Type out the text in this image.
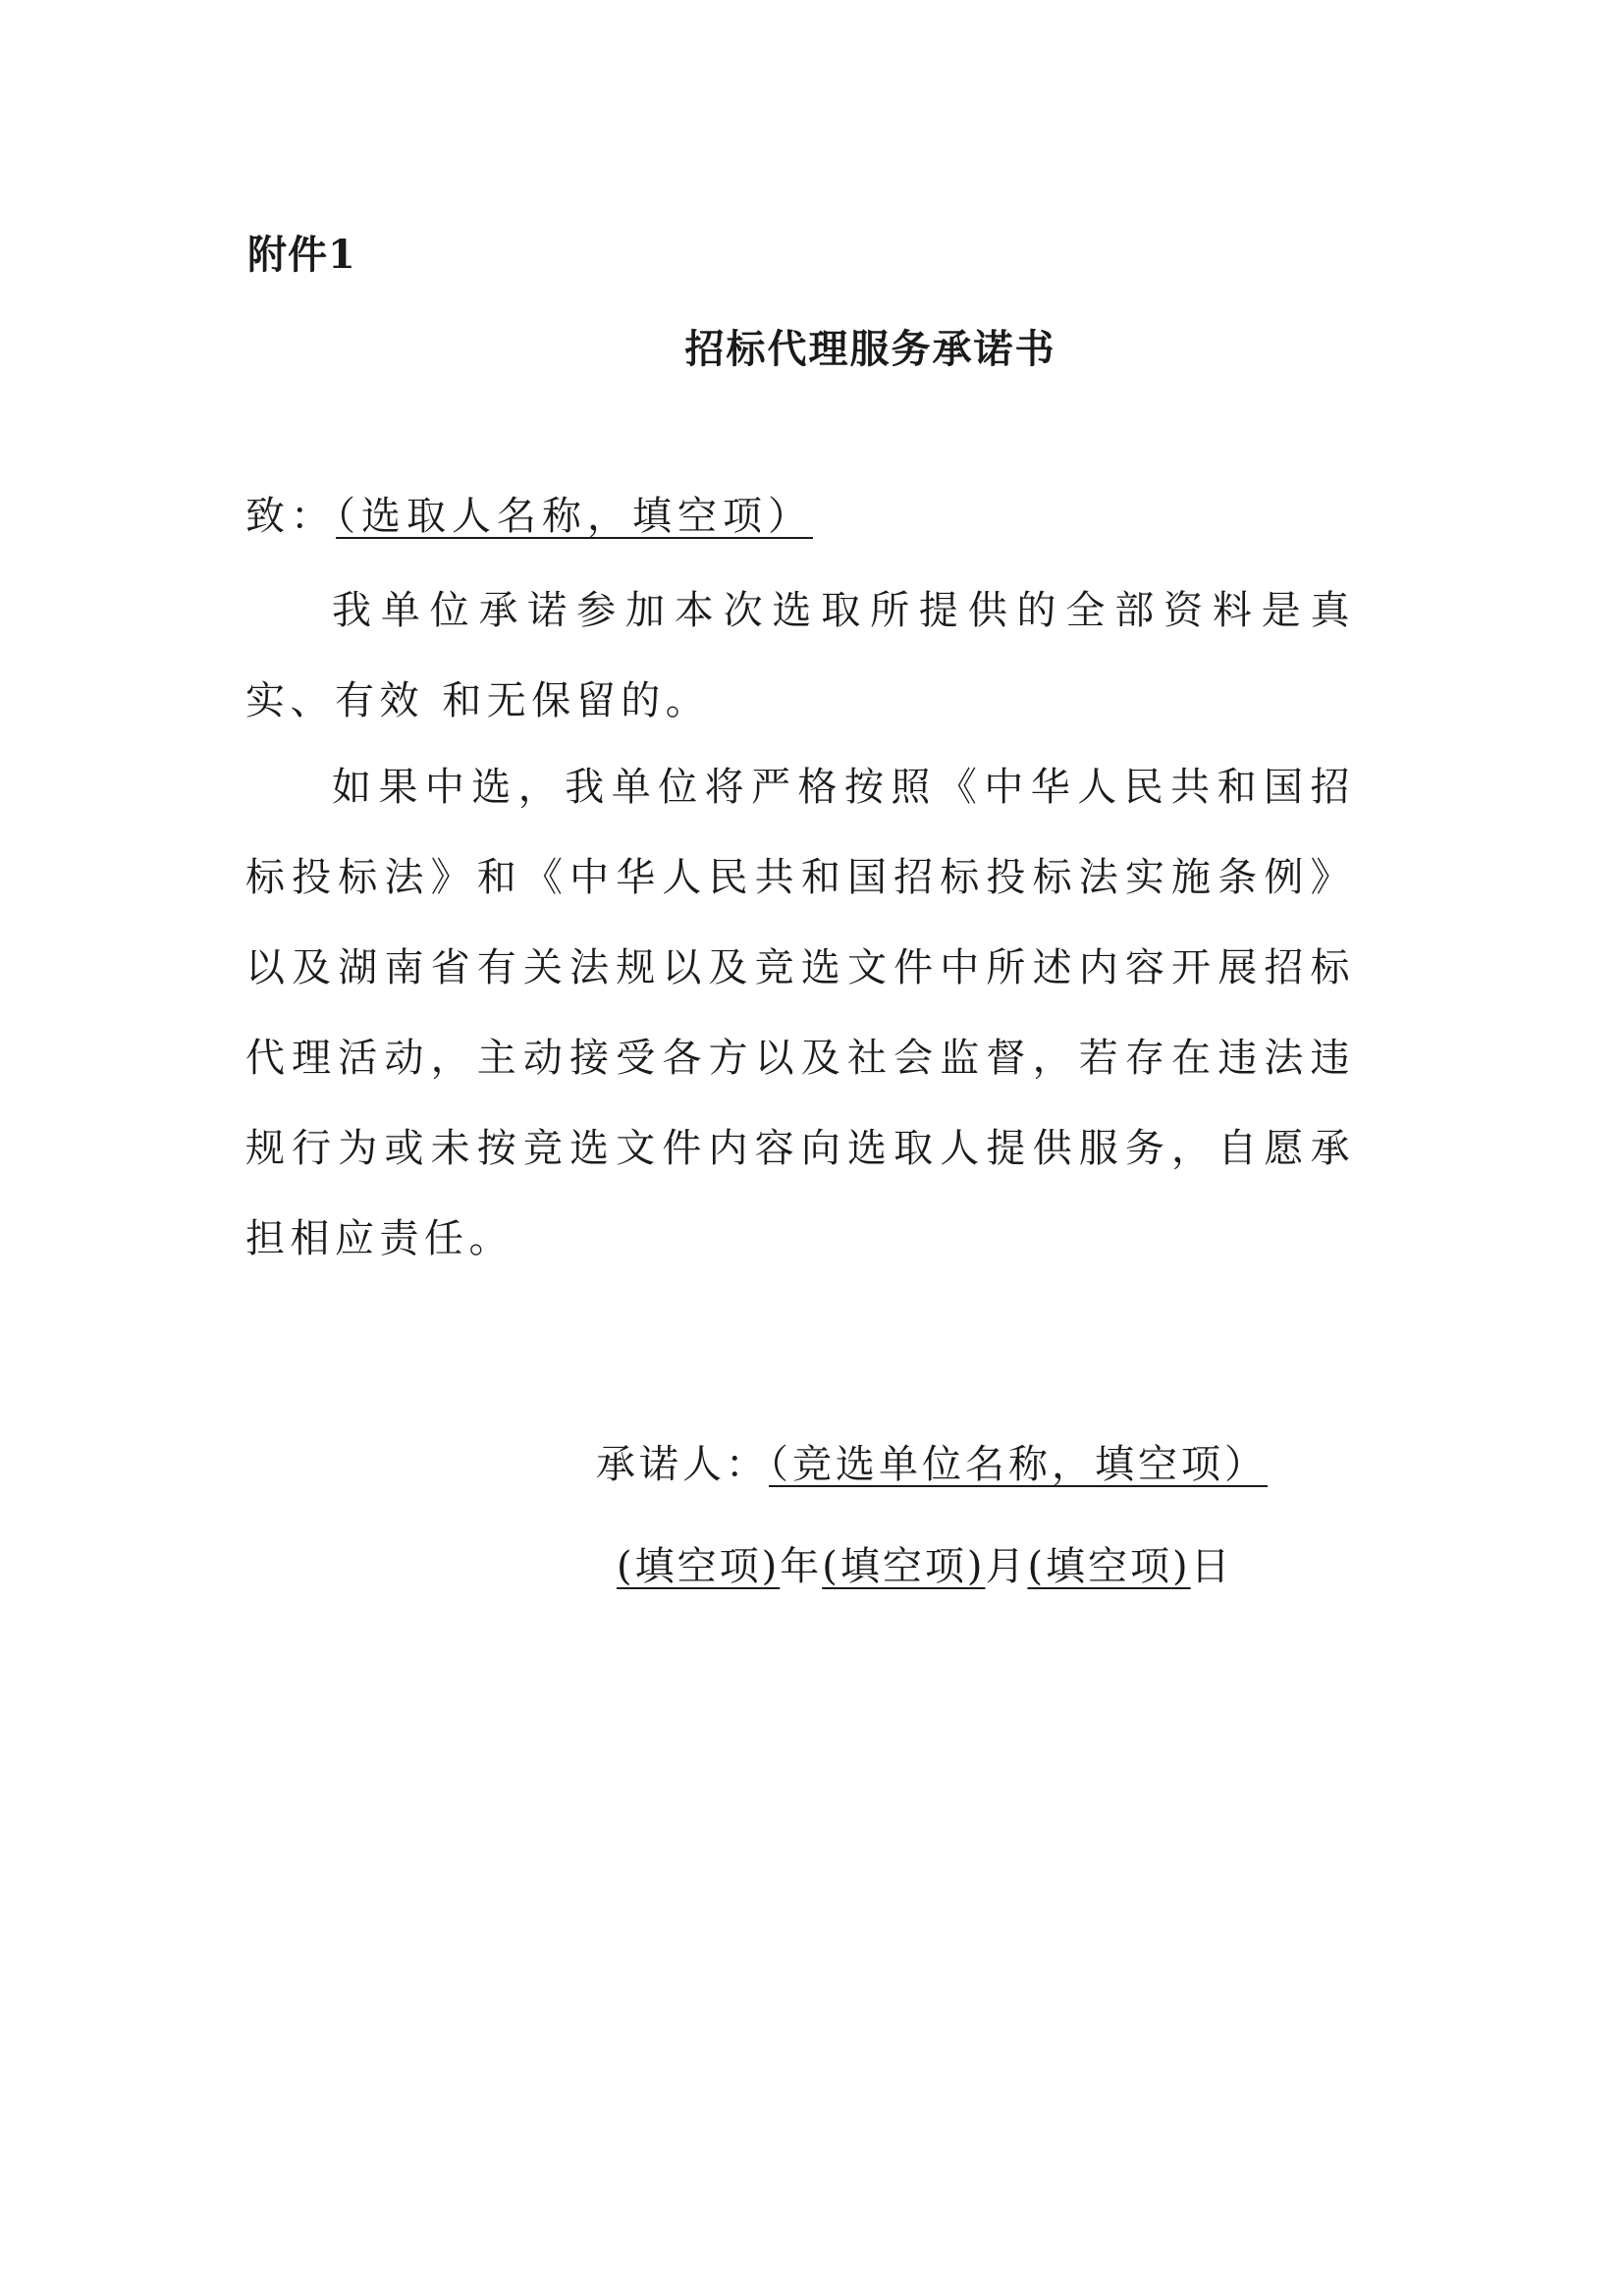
附件1
招标代理服务承诺书
致：（选取人名称，填空项）
我单位承诺参加本次选取所提供的全部资料是真实、有效 和无保留的。
如果中选，我单位将严格按照《中华人民共和国招标投标法》和《中华人民共和国招标投标法实施条例》以及湖南省有关法规以及竞选文件中所述内容开展招标代理活动，主动接受各方以及社会监督，若存在违法违规行为或未按竞选文件内容向选取人提供服务，自愿承担相应责任。
承诺人：（竞选单位名称，填空项）
(填空项)年(填空项)月(填空项)日
